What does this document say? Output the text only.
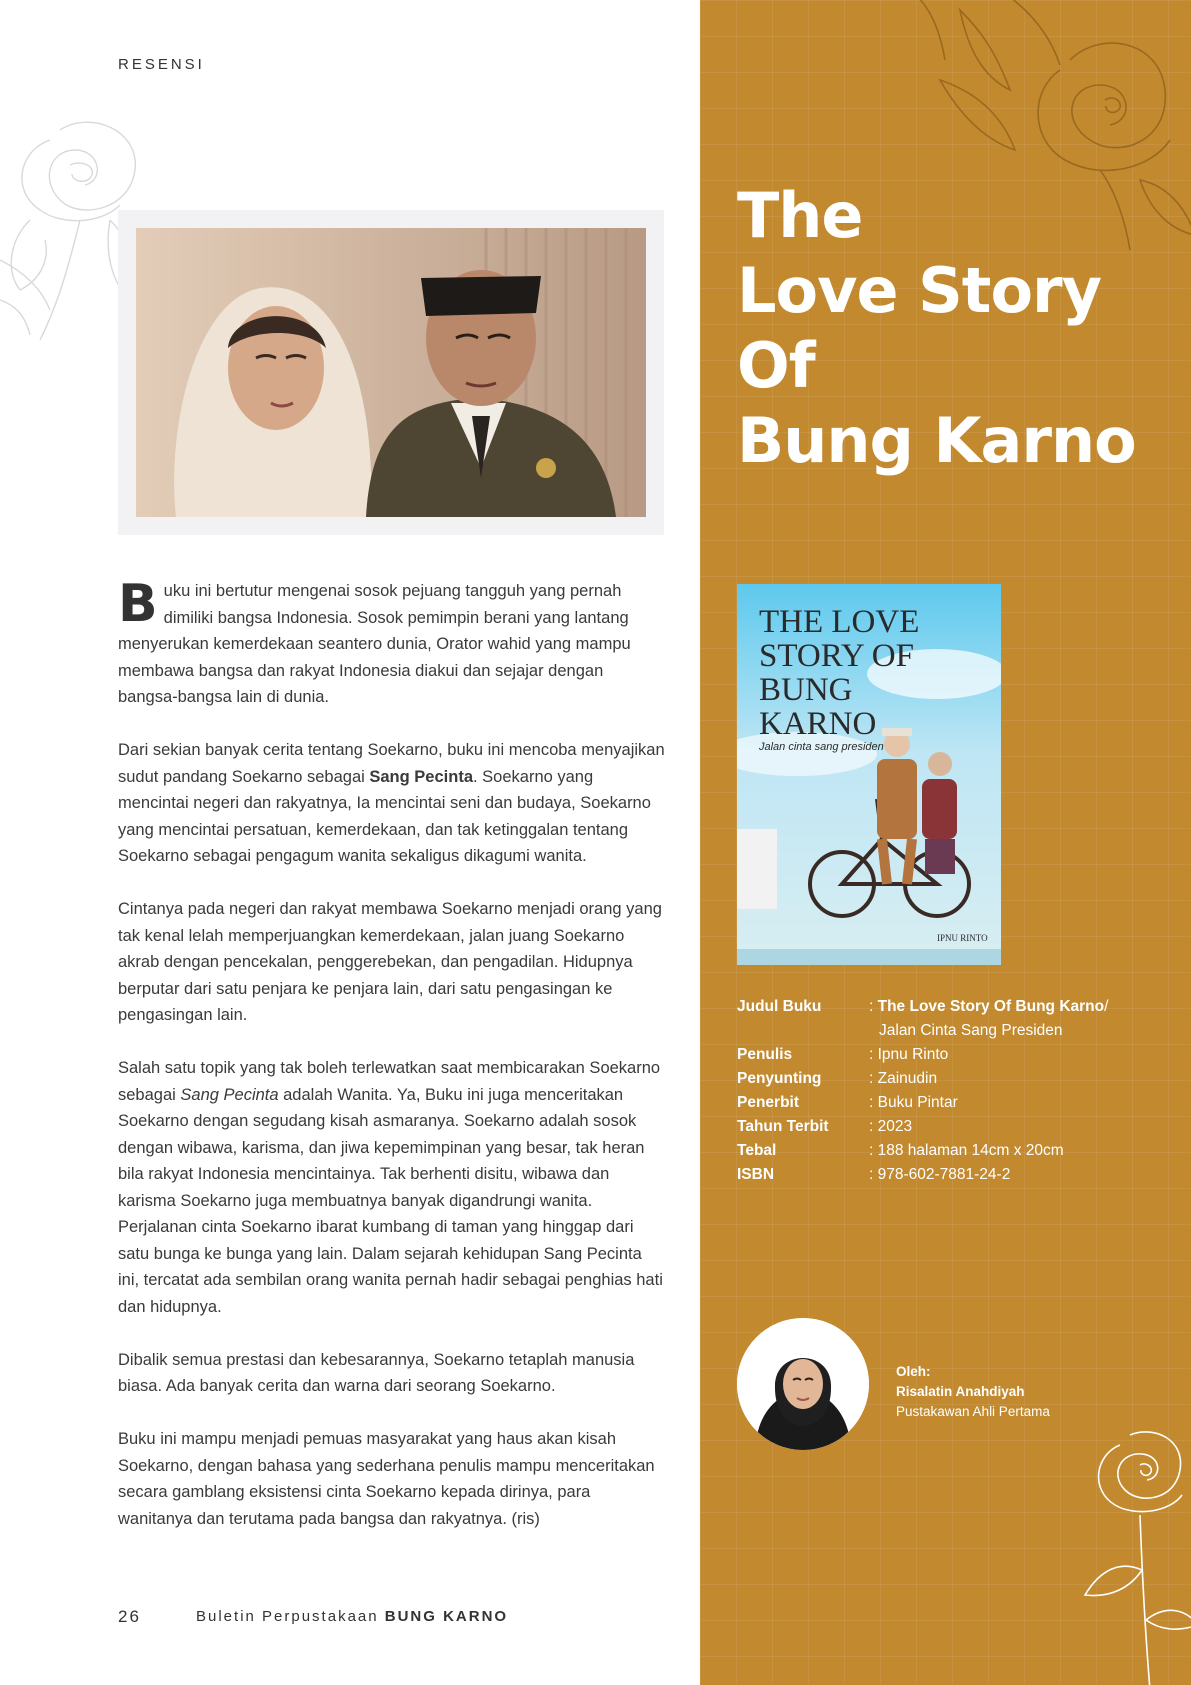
RESENSI

Buku ini bertutur mengenai sosok pejuang tangguh yang pernah dimiliki bangsa Indonesia. Sosok pemimpin berani yang lantang menyerukan kemerdekaan seantero dunia, Orator wahid yang mampu membawa bangsa dan rakyat Indonesia diakui dan sejajar dengan bangsa-bangsa lain di dunia.

Dari sekian banyak cerita tentang Soekarno, buku ini mencoba menyajikan sudut pandang Soekarno sebagai Sang Pecinta. Soekarno yang mencintai negeri dan rakyatnya, Ia mencintai seni dan budaya, Soekarno yang mencintai persatuan, kemerdekaan, dan tak ketinggalan tentang Soekarno sebagai pengagum wanita sekaligus dikagumi wanita.

Cintanya pada negeri dan rakyat membawa Soekarno menjadi orang yang tak kenal lelah memperjuangkan kemerdekaan, jalan juang Soekarno akrab dengan pencekalan, penggerebekan, dan pengadilan. Hidupnya berputar dari satu penjara ke penjara lain, dari satu pengasingan ke pengasingan lain.

Salah satu topik yang tak boleh terlewatkan saat membicarakan Soekarno sebagai Sang Pecinta adalah Wanita. Ya, Buku ini juga menceritakan Soekarno dengan segudang kisah asmaranya. Soekarno adalah sosok dengan wibawa, karisma, dan jiwa kepemimpinan yang besar, tak heran bila rakyat Indonesia mencintainya. Tak berhenti disitu, wibawa dan karisma Soekarno juga membuatnya banyak digandrungi wanita. Perjalanan cinta Soekarno ibarat kumbang di taman yang hinggap dari satu bunga ke bunga yang lain. Dalam sejarah kehidupan Sang Pecinta ini, tercatat ada sembilan orang wanita pernah hadir sebagai penghias hati dan hidupnya.

Dibalik semua prestasi dan kebesarannya, Soekarno tetaplah manusia biasa. Ada banyak cerita dan warna dari seorang Soekarno.

Buku ini mampu menjadi pemuas masyarakat yang haus akan kisah Soekarno, dengan bahasa yang sederhana penulis mampu menceritakan secara gamblang eksistensi cinta Soekarno kepada dirinya, para wanitanya dan terutama pada bangsa dan rakyatnya. (ris)

26	Buletin Perpustakaan BUNG KARNO
The
Love Story
Of
Bung Karno
THE LOVE
STORY OF
BUNG
KARNO
Jalan cinta sang presiden
IPNU RINTO
Judul Buku	: The Love Story Of Bung Karno/
Jalan Cinta Sang Presiden
Penulis	: Ipnu Rinto
Penyunting	: Zainudin
Penerbit	: Buku Pintar
Tahun Terbit	: 2023
Tebal	: 188 halaman 14cm x 20cm
ISBN	: 978-602-7881-24-2
Oleh:
Risalatin Anahdiyah
Pustakawan Ahli Pertama
